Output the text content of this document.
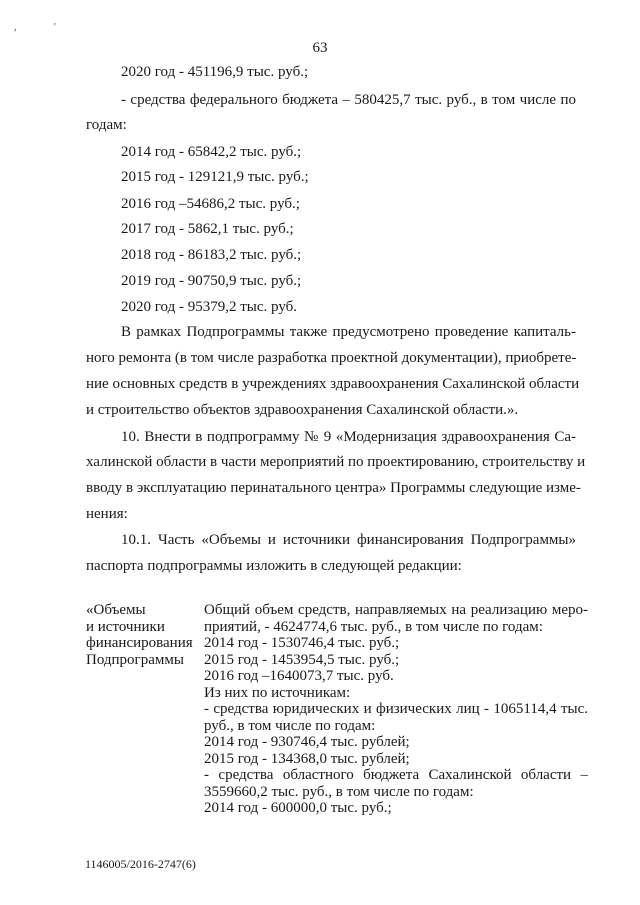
,	'
63
2020 год - 451196,9 тыс. руб.;
- средства федерального бюджета – 580425,7 тыс. руб., в том числе по
годам:
2014 год - 65842,2 тыс. руб.;
2015 год - 129121,9 тыс. руб.;
2016 год –54686,2 тыс. руб.;
2017 год - 5862,1 тыс. руб.;
2018 год - 86183,2 тыс. руб.;
2019 год - 90750,9 тыс. руб.;
2020 год - 95379,2 тыс. руб.
В рамках Подпрограммы также предусмотрено проведение капиталь-
ного ремонта (в том числе разработка проектной документации), приобрете-
ние основных средств в учреждениях здравоохранения Сахалинской области
и строительство объектов здравоохранения Сахалинской области.».
10. Внести в подпрограмму № 9 «Модернизация здравоохранения Са-
халинской области в части мероприятий по проектированию, строительству и
вводу в эксплуатацию перинатального центра» Программы следующие изме-
нения:
10.1. Часть «Объемы и источники финансирования Подпрограммы»
паспорта подпрограммы изложить в следующей редакции:
«Объемы
и источники
финансирования
Подпрограммы
Общий объем средств, направляемых на реализацию меро-
приятий, - 4624774,6 тыс. руб., в том числе по годам:
2014 год - 1530746,4 тыс. руб.;
2015 год - 1453954,5 тыс. руб.;
2016 год –1640073,7 тыс. руб.
Из них по источникам:
- средства юридических и физических лиц - 1065114,4 тыс.
руб., в том числе по годам:
2014 год - 930746,4 тыс. рублей;
2015 год - 134368,0 тыс. рублей;
- средства областного бюджета Сахалинской области –
3559660,2 тыс. руб., в том числе по годам:
2014 год - 600000,0 тыс. руб.;
1146005/2016-2747(6)
